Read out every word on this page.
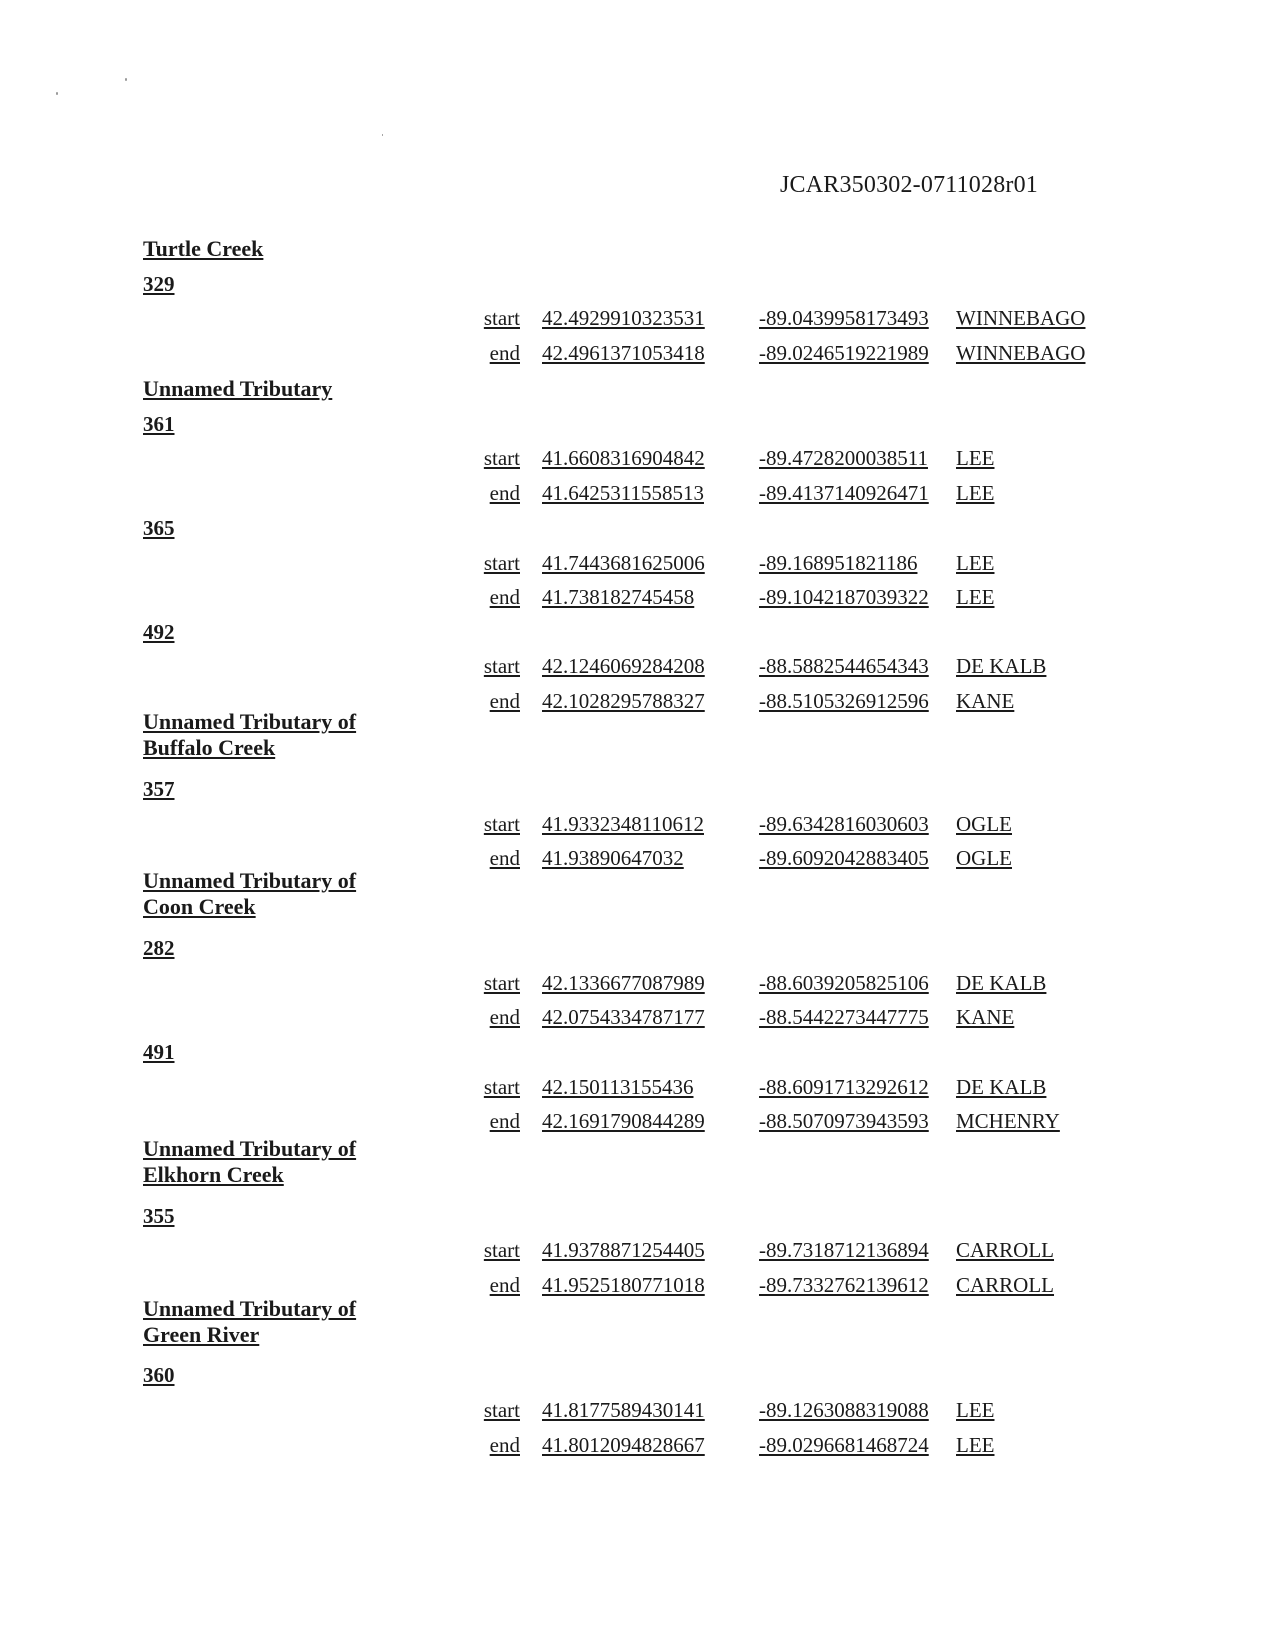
JCAR350302-0711028r01
Turtle Creek
329
start 42.4929910323531	-89.0439958173493 WINNEBAGO
end 42.4961371053418	-89.0246519221989 WINNEBAGO
Unnamed Tributary
361
start 41.6608316904842	-89.4728200038511 LEE
end 41.6425311558513	-89.4137140926471 LEE
365
start 41.7443681625006	-89.168951821186 LEE
end 41.738182745458	-89.1042187039322 LEE
492
start 42.1246069284208	-88.5882544654343 DE KALB
end 42.1028295788327	-88.5105326912596 KANE
Unnamed Tributary of Buffalo Creek
357
start 41.9332348110612	-89.6342816030603 OGLE
end 41.93890647032	-89.6092042883405 OGLE
Unnamed Tributary of Coon Creek
282
start 42.1336677087989	-88.6039205825106 DE KALB
end 42.0754334787177	-88.5442273447775 KANE
491
start 42.150113155436	-88.6091713292612 DE KALB
end 42.1691790844289	-88.5070973943593 MCHENRY
Unnamed Tributary of Elkhorn Creek
355
start 41.9378871254405	-89.7318712136894 CARROLL
end 41.9525180771018	-89.7332762139612 CARROLL
Unnamed Tributary of Green River
360
start 41.8177589430141	-89.1263088319088 LEE
end 41.8012094828667	-89.0296681468724 LEE
